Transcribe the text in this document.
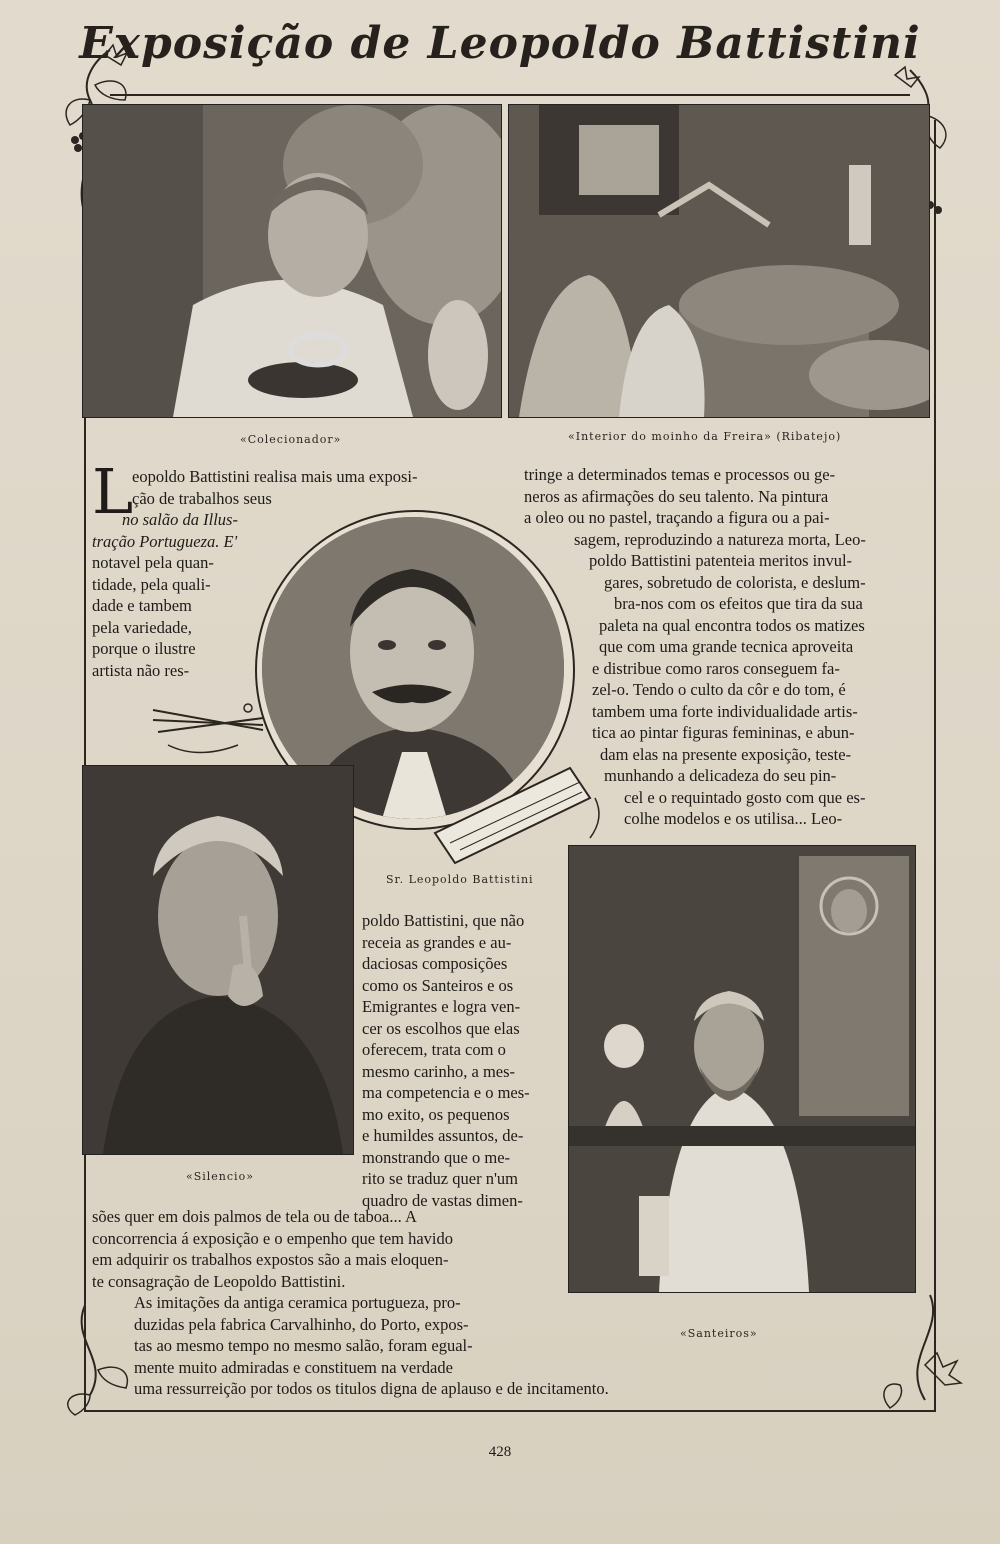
Exposição de Leopoldo Battistini
«Colecionador»	«Interior do moinho da Freira» (Ribatejo)
L
eopoldo Battistini realisa mais uma exposi-
ção de trabalhos seus
no salão da Illus-
tração Portugueza. E'
notavel pela quan-
tidade, pela quali-
dade e tambem
pela variedade,
porque o ilustre
artista não res-
tringe a determinados temas e processos ou ge-
neros as afirmações do seu talento. Na pintura
a oleo ou no pastel, traçando a figura ou a pai-
sagem, reproduzindo a natureza morta, Leo-
poldo Battistini patenteia meritos invul-
gares, sobretudo de colorista, e deslum-
bra-nos com os efeitos que tira da sua
paleta na qual encontra todos os matizes
que com uma grande tecnica aproveita
e distribue como raros conseguem fa-
zel-o. Tendo o culto da côr e do tom, é
tambem uma forte individualidade artis-
tica ao pintar figuras femininas, e abun-
dam elas na presente exposição, teste-
munhando a delicadeza do seu pin-
cel e o requintado gosto com que es-
colhe modelos e os utilisa... Leo-
Sr. Leopoldo Battistini
«Silencio»
poldo Battistini, que não
receia as grandes e au-
daciosas composições
como os Santeiros e os
Emigrantes e logra ven-
cer os escolhos que elas
oferecem, trata com o
mesmo carinho, a mes-
ma competencia e o mes-
mo exito, os pequenos
e humildes assuntos, de-
monstrando que o me-
rito se traduz quer n'um
quadro de vastas dimen-
«Santeiros»
sões quer em dois palmos de tela ou de taboa... A
concorrencia á exposição e o empenho que tem havido
em adquirir os trabalhos expostos são a mais eloquen-
te consagração de Leopoldo Battistini.
As imitações da antiga ceramica portugueza, pro-
duzidas pela fabrica Carvalhinho, do Porto, expos-
tas ao mesmo tempo no mesmo salão, foram egual-
mente muito admiradas e constituem na verdade
uma ressurreição por todos os titulos digna de aplauso e de incitamento.
428
